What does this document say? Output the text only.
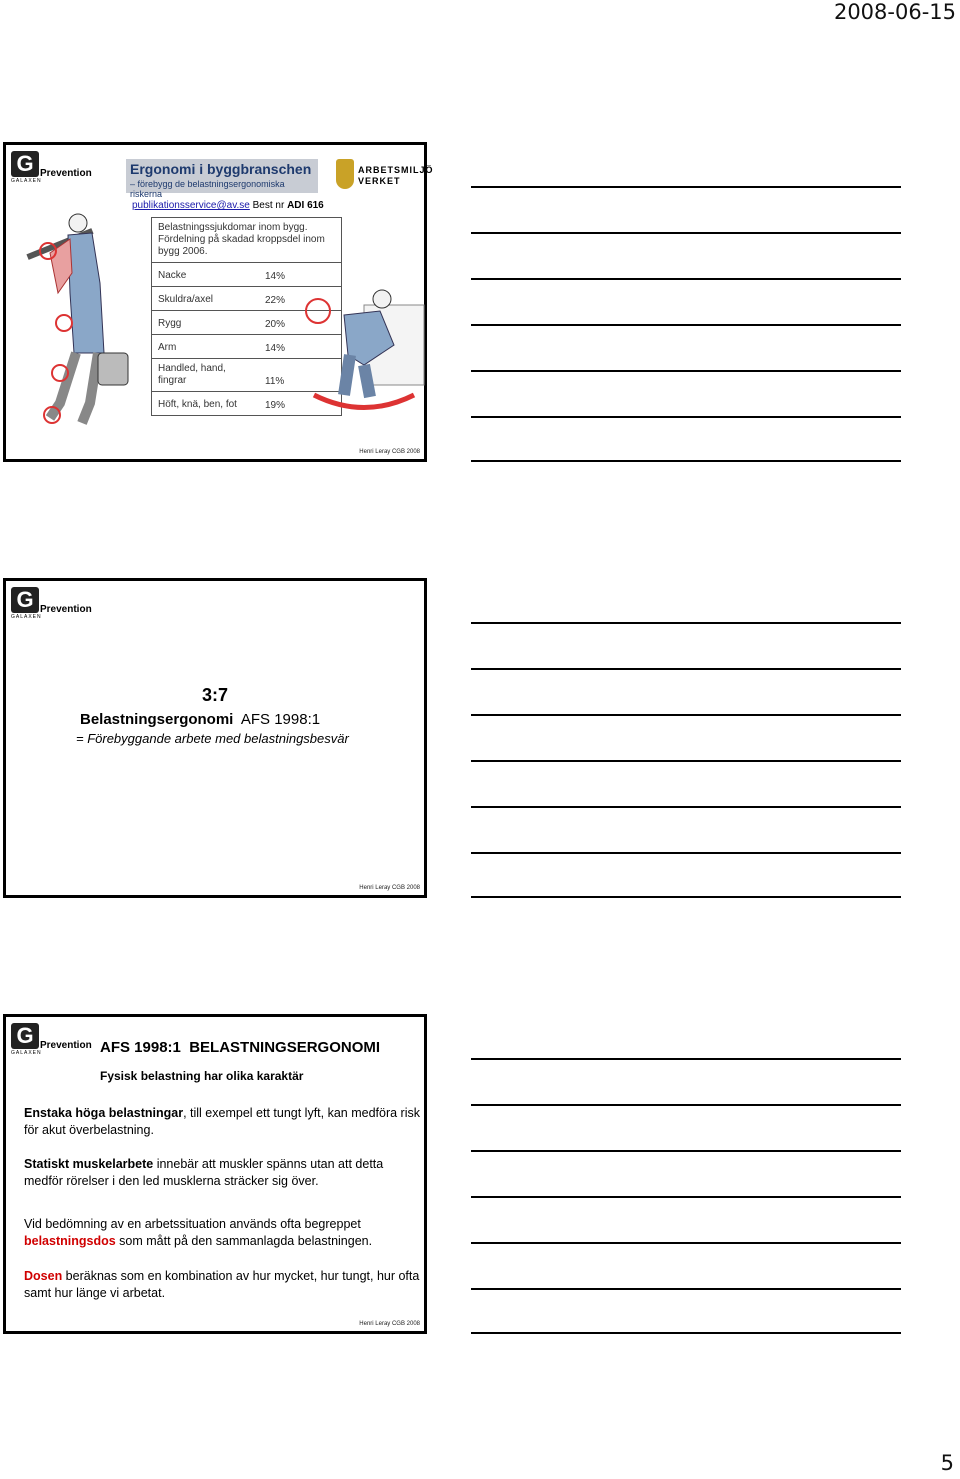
2008-06-15
G
GALAXEN
Prevention	Ergonomi i byggbranschen
– förebygg de belastningsergonomiska riskerna
ARBETSMILJÖ
VERKET
publikationsservice@av.se Best nr ADI 616
Belastningssjukdomar inom bygg. Fördelning på skadad kroppsdel inom bygg 2006.
Nacke	14%
Skuldra/axel	22%
Rygg	20%
Arm	14%
Handled, hand, fingrar	11%
Höft, knä, ben, fot	19%
Henri Leray CGB 2008
G
GALAXEN
Prevention
3:7
Belastningsergonomi  AFS 1998:1
= Förebyggande arbete med belastningsbesvär
Henri Leray CGB 2008
G
GALAXEN
Prevention AFS 1998:1  BELASTNINGSERGONOMI
Fysisk belastning har olika karaktär
Enstaka höga belastningar, till exempel ett tungt lyft, kan medföra risk för akut överbelastning.
Statiskt muskelarbete innebär att muskler spänns utan att detta medför rörelser i den led musklerna sträcker sig över.
Vid bedömning av en arbetssituation används ofta begreppet belastningsdos som mått på den sammanlagda belastningen.
Dosen beräknas som en kombination av hur mycket, hur tungt, hur ofta samt hur länge vi arbetat.
Henri Leray CGB 2008
5
